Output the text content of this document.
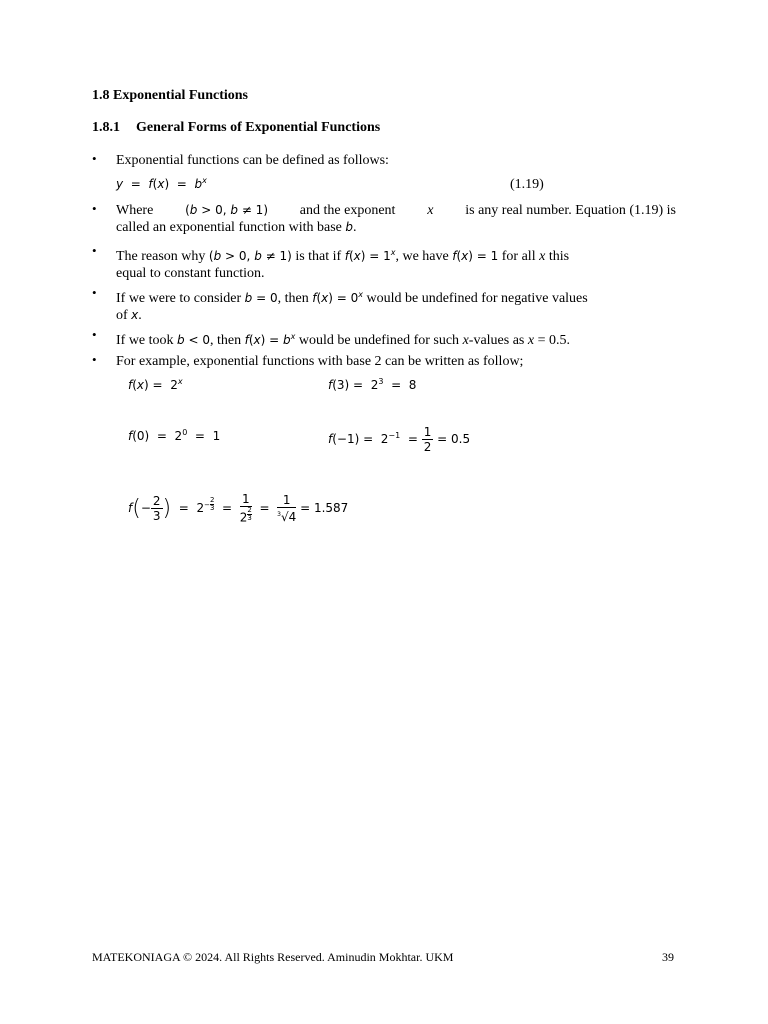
1.8 Exponential Functions
1.8.1 General Forms of Exponential Functions
• Exponential functions can be defined as follows:
$y = f(x) = b^x$	(1.19)
• Where	(b > 0, b ≠ 1) and the exponent x is any real number. Equation (1.19) is
called an exponential function with base b.
• The reason why (b > 0, b ≠ 1) is that if $f(x) = 1^x$, we have f(x) = 1 for all x this
equal to constant function.
• If we were to consider b = 0, then $f(x) = 0^x$ would be undefined for negative values
of x.
• If we took b < 0, then $f(x) = b^x$ would be undefined for such x-values as x = 0.5.
• For example, exponential functions with base 2 can be written as follow;
f(x) =  2$^x$	$f(3) = 2^3 = 8$
$f(0) = 2^0 = 1$	$f(-1) = 2^{-1} = \frac{1}{2} = 0.5$
$f(- \frac{2}{3}$ )  =  $2^{- \frac{2}{3}} = 1$
2 $^{\frac{2}{3}} = \frac{1}{^3√4} = 1.587$
MATEKONIAGA © 2024. All Rights Reserved. Aminudin Mokhtar. UKM	39
